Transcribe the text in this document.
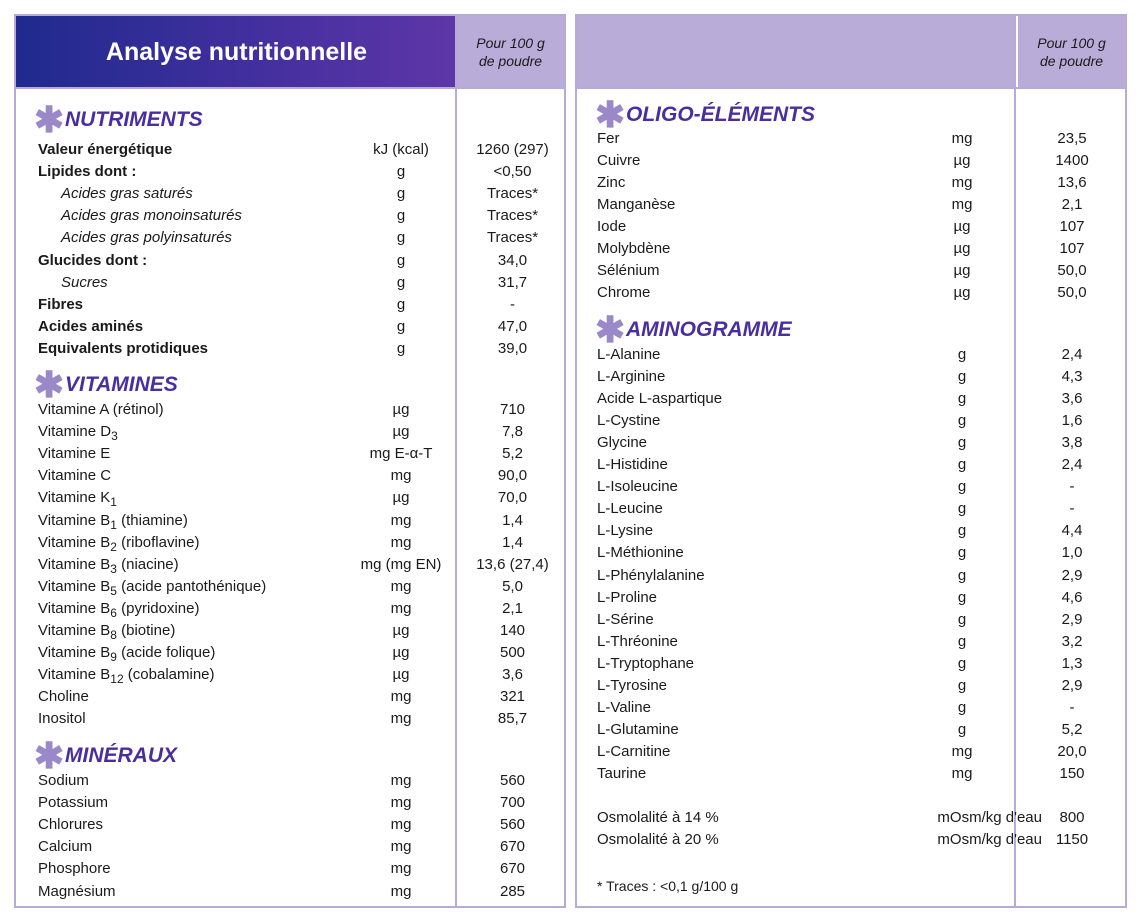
Analyse nutritionnelle	Pour 100 g
de poudre
✱ NUTRIMENTS
Valeur énergétique	kJ (kcal)	1260 (297)
Lipides dont :	g	<0,50
Acides gras saturés	g	Traces*
Acides gras monoinsaturés	g	Traces*
Acides gras polyinsaturés	g	Traces*
Glucides dont :	g	34,0
Sucres	g	31,7
Fibres	g	-
Acides aminés	g	47,0
Equivalents protidiques	g	39,0
✱ VITAMINES
Vitamine A (rétinol)	µg	710
Vitamine $D_3$	µg	7,8
Vitamine E	mg E-α-T	5,2
Vitamine C	mg	90,0
Vitamine $K_1$	µg	70,0
Vitamine $B_1$ (thiamine)	mg	1,4
Vitamine $B_2$ (riboflavine)	mg	1,4
Vitamine $B_3$ (niacine)	mg (mg EN)	13,6 (27,4)
Vitamine $B_5$ (acide pantothénique)	mg	5,0
Vitamine $B_6$ (pyridoxine)	mg	2,1
Vitamine $B_8$ (biotine)	µg	140
Vitamine $B_9$ (acide folique)	µg	500
Vitamine $B_{12}$ (cobalamine)	µg	3,6
Choline	mg	321
Inositol	mg	85,7
✱ MINÉRAUX
Sodium	mg	560
Potassium	mg	700
Chlorures	mg	560
Calcium	mg	670
Phosphore	mg	670
Magnésium	mg	285
Pour 100 g
de poudre
✱ OLIGO-ÉLÉMENTS
Fer	mg	23,5
Cuivre	µg	1400
Zinc	mg	13,6
Manganèse	mg	2,1
Iode	µg	107
Molybdène	µg	107
Sélénium	µg	50,0
Chrome	µg	50,0
✱ AMINOGRAMME
L-Alanine	g	2,4
L-Arginine	g	4,3
Acide L-aspartique	g	3,6
L-Cystine	g	1,6
Glycine	g	3,8
L-Histidine	g	2,4
L-Isoleucine	g	-
L-Leucine	g	-
L-Lysine	g	4,4
L-Méthionine	g	1,0
L-Phénylalanine	g	2,9
L-Proline	g	4,6
L-Sérine	g	2,9
L-Thréonine	g	3,2
L-Tryptophane	g	1,3
L-Tyrosine	g	2,9
L-Valine	g	-
L-Glutamine	g	5,2
L-Carnitine	mg	20,0
Taurine	mg	150
Osmolalité à 14 %	mOsm/kg d'eau	800
Osmolalité à 20 %	mOsm/kg d'eau 1150
* Traces : <0,1 g/100 g
